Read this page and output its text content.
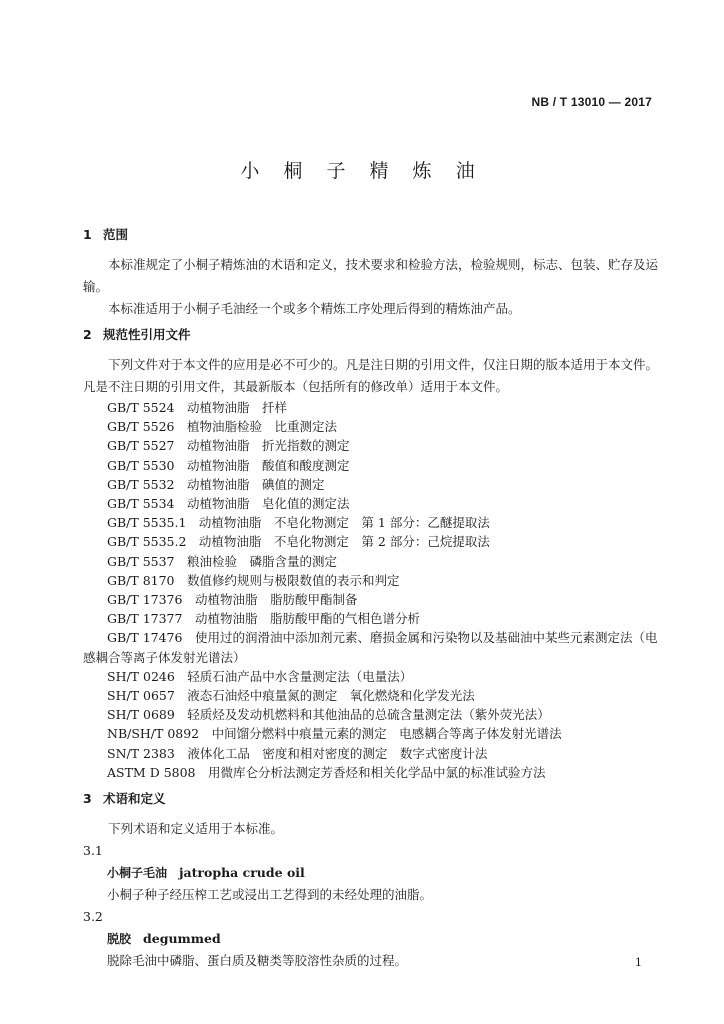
NB / T 13010 — 2017
小 桐 子 精 炼 油

1 范围

本标准规定了小桐子精炼油的术语和定义，技术要求和检验方法，检验规则，标志、包装、贮存及运输。

本标准适用于小桐子毛油经一个或多个精炼工序处理后得到的精炼油产品。

2 规范性引用文件

下列文件对于本文件的应用是必不可少的。凡是注日期的引用文件，仅注日期的版本适用于本文件。凡是不注日期的引用文件，其最新版本（包括所有的修改单）适用于本文件。

GB/T 5524　动植物油脂　扦样
GB/T 5526　植物油脂检验　比重测定法
GB/T 5527　动植物油脂　折光指数的测定
GB/T 5530　动植物油脂　酸值和酸度测定
GB/T 5532　动植物油脂　碘值的测定
GB/T 5534　动植物油脂　皂化值的测定法
GB/T 5535.1　动植物油脂　不皂化物测定　第 1 部分：乙醚提取法
GB/T 5535.2　动植物油脂　不皂化物测定　第 2 部分：己烷提取法
GB/T 5537　粮油检验　磷脂含量的测定
GB/T 8170　数值修约规则与极限数值的表示和判定
GB/T 17376　动植物油脂　脂肪酸甲酯制备
GB/T 17377　动植物油脂　脂肪酸甲酯的气相色谱分析
GB/T 17476　使用过的润滑油中添加剂元素、磨损金属和污染物以及基础油中某些元素测定法（电感耦合等离子体发射光谱法）
SH/T 0246　轻质石油产品中水含量测定法（电量法）
SH/T 0657　液态石油烃中痕量氮的测定　氧化燃烧和化学发光法
SH/T 0689　轻质烃及发动机燃料和其他油品的总硫含量测定法（紫外荧光法）
NB/SH/T 0892　中间馏分燃料中痕量元素的测定　电感耦合等离子体发射光谱法
SN/T 2383　液体化工品　密度和相对密度的测定　数字式密度计法
ASTM D 5808　用微库仑分析法测定芳香烃和相关化学品中氯的标准试验方法

3 术语和定义

下列术语和定义适用于本标准。

3.1

小桐子毛油 jatropha crude oil

小桐子种子经压榨工艺或浸出工艺得到的未经处理的油脂。

3.2

脱胶 degummed

脱除毛油中磷脂、蛋白质及糖类等胶溶性杂质的过程。	1
